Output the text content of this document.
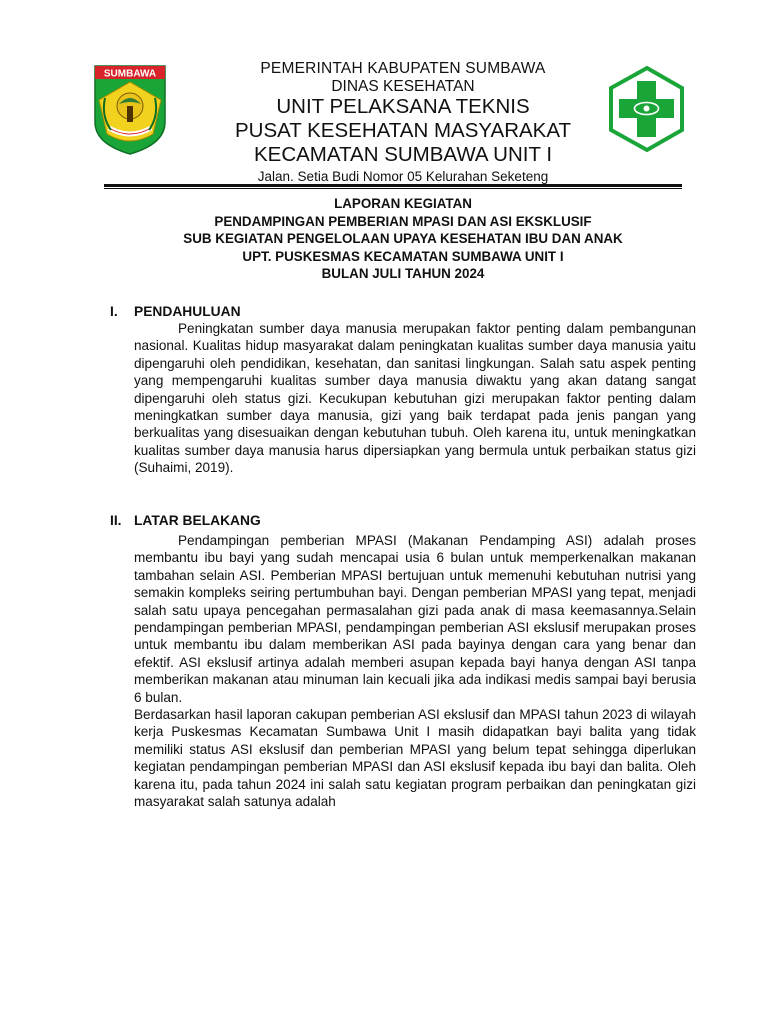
SUMBAWA	PEMERINTAH KABUPATEN SUMBAWA
DINAS KESEHATAN
UNIT PELAKSANA TEKNIS
PUSAT KESEHATAN MASYARAKAT
KECAMATAN SUMBAWA UNIT I
Jalan. Setia Budi Nomor 05 Kelurahan Seketeng
LAPORAN KEGIATAN
PENDAMPINGAN PEMBERIAN MPASI DAN ASI EKSKLUSIF
SUB KEGIATAN PENGELOLAAN UPAYA KESEHATAN IBU DAN ANAK
UPT. PUSKESMAS KECAMATAN SUMBAWA UNIT I
BULAN JULI TAHUN 2024
I. PENDAHULUAN

Peningkatan sumber daya manusia merupakan faktor penting dalam pembangunan nasional. Kualitas hidup masyarakat dalam peningkatan kualitas sumber daya manusia yaitu dipengaruhi oleh pendidikan, kesehatan, dan sanitasi lingkungan. Salah satu aspek penting yang mempengaruhi kualitas sumber daya manusia diwaktu yang akan datang sangat dipengaruhi oleh status gizi. Kecukupan kebutuhan gizi merupakan faktor penting dalam meningkatkan sumber daya manusia, gizi yang baik terdapat pada jenis pangan yang berkualitas yang disesuaikan dengan kebutuhan tubuh. Oleh karena itu, untuk meningkatkan kualitas sumber daya manusia harus dipersiapkan yang bermula untuk perbaikan status gizi (Suhaimi, 2019).

II. LATAR BELAKANG

Pendampingan pemberian MPASI (Makanan Pendamping ASI) adalah proses membantu ibu bayi yang sudah mencapai usia 6 bulan untuk memperkenalkan makanan tambahan selain ASI. Pemberian MPASI bertujuan untuk memenuhi kebutuhan nutrisi yang semakin kompleks seiring pertumbuhan bayi. Dengan pemberian MPASI yang tepat, menjadi salah satu upaya pencegahan permasalahan gizi pada anak di masa keemasannya.Selain pendampingan pemberian MPASI, pendampingan pemberian ASI ekslusif merupakan proses untuk membantu ibu dalam memberikan ASI pada bayinya dengan cara yang benar dan efektif. ASI ekslusif artinya adalah memberi asupan kepada bayi hanya dengan ASI tanpa memberikan makanan atau minuman lain kecuali jika ada indikasi medis sampai bayi berusia 6 bulan.

Berdasarkan hasil laporan cakupan pemberian ASI ekslusif dan MPASI tahun 2023 di wilayah kerja Puskesmas Kecamatan Sumbawa Unit I masih didapatkan bayi balita yang tidak memiliki status ASI ekslusif dan pemberian MPASI yang belum tepat sehingga diperlukan kegiatan pendampingan pemberian MPASI dan ASI ekslusif kepada ibu bayi dan balita. Oleh karena itu, pada tahun 2024 ini salah satu kegiatan program perbaikan dan peningkatan gizi masyarakat salah satunya adalah
